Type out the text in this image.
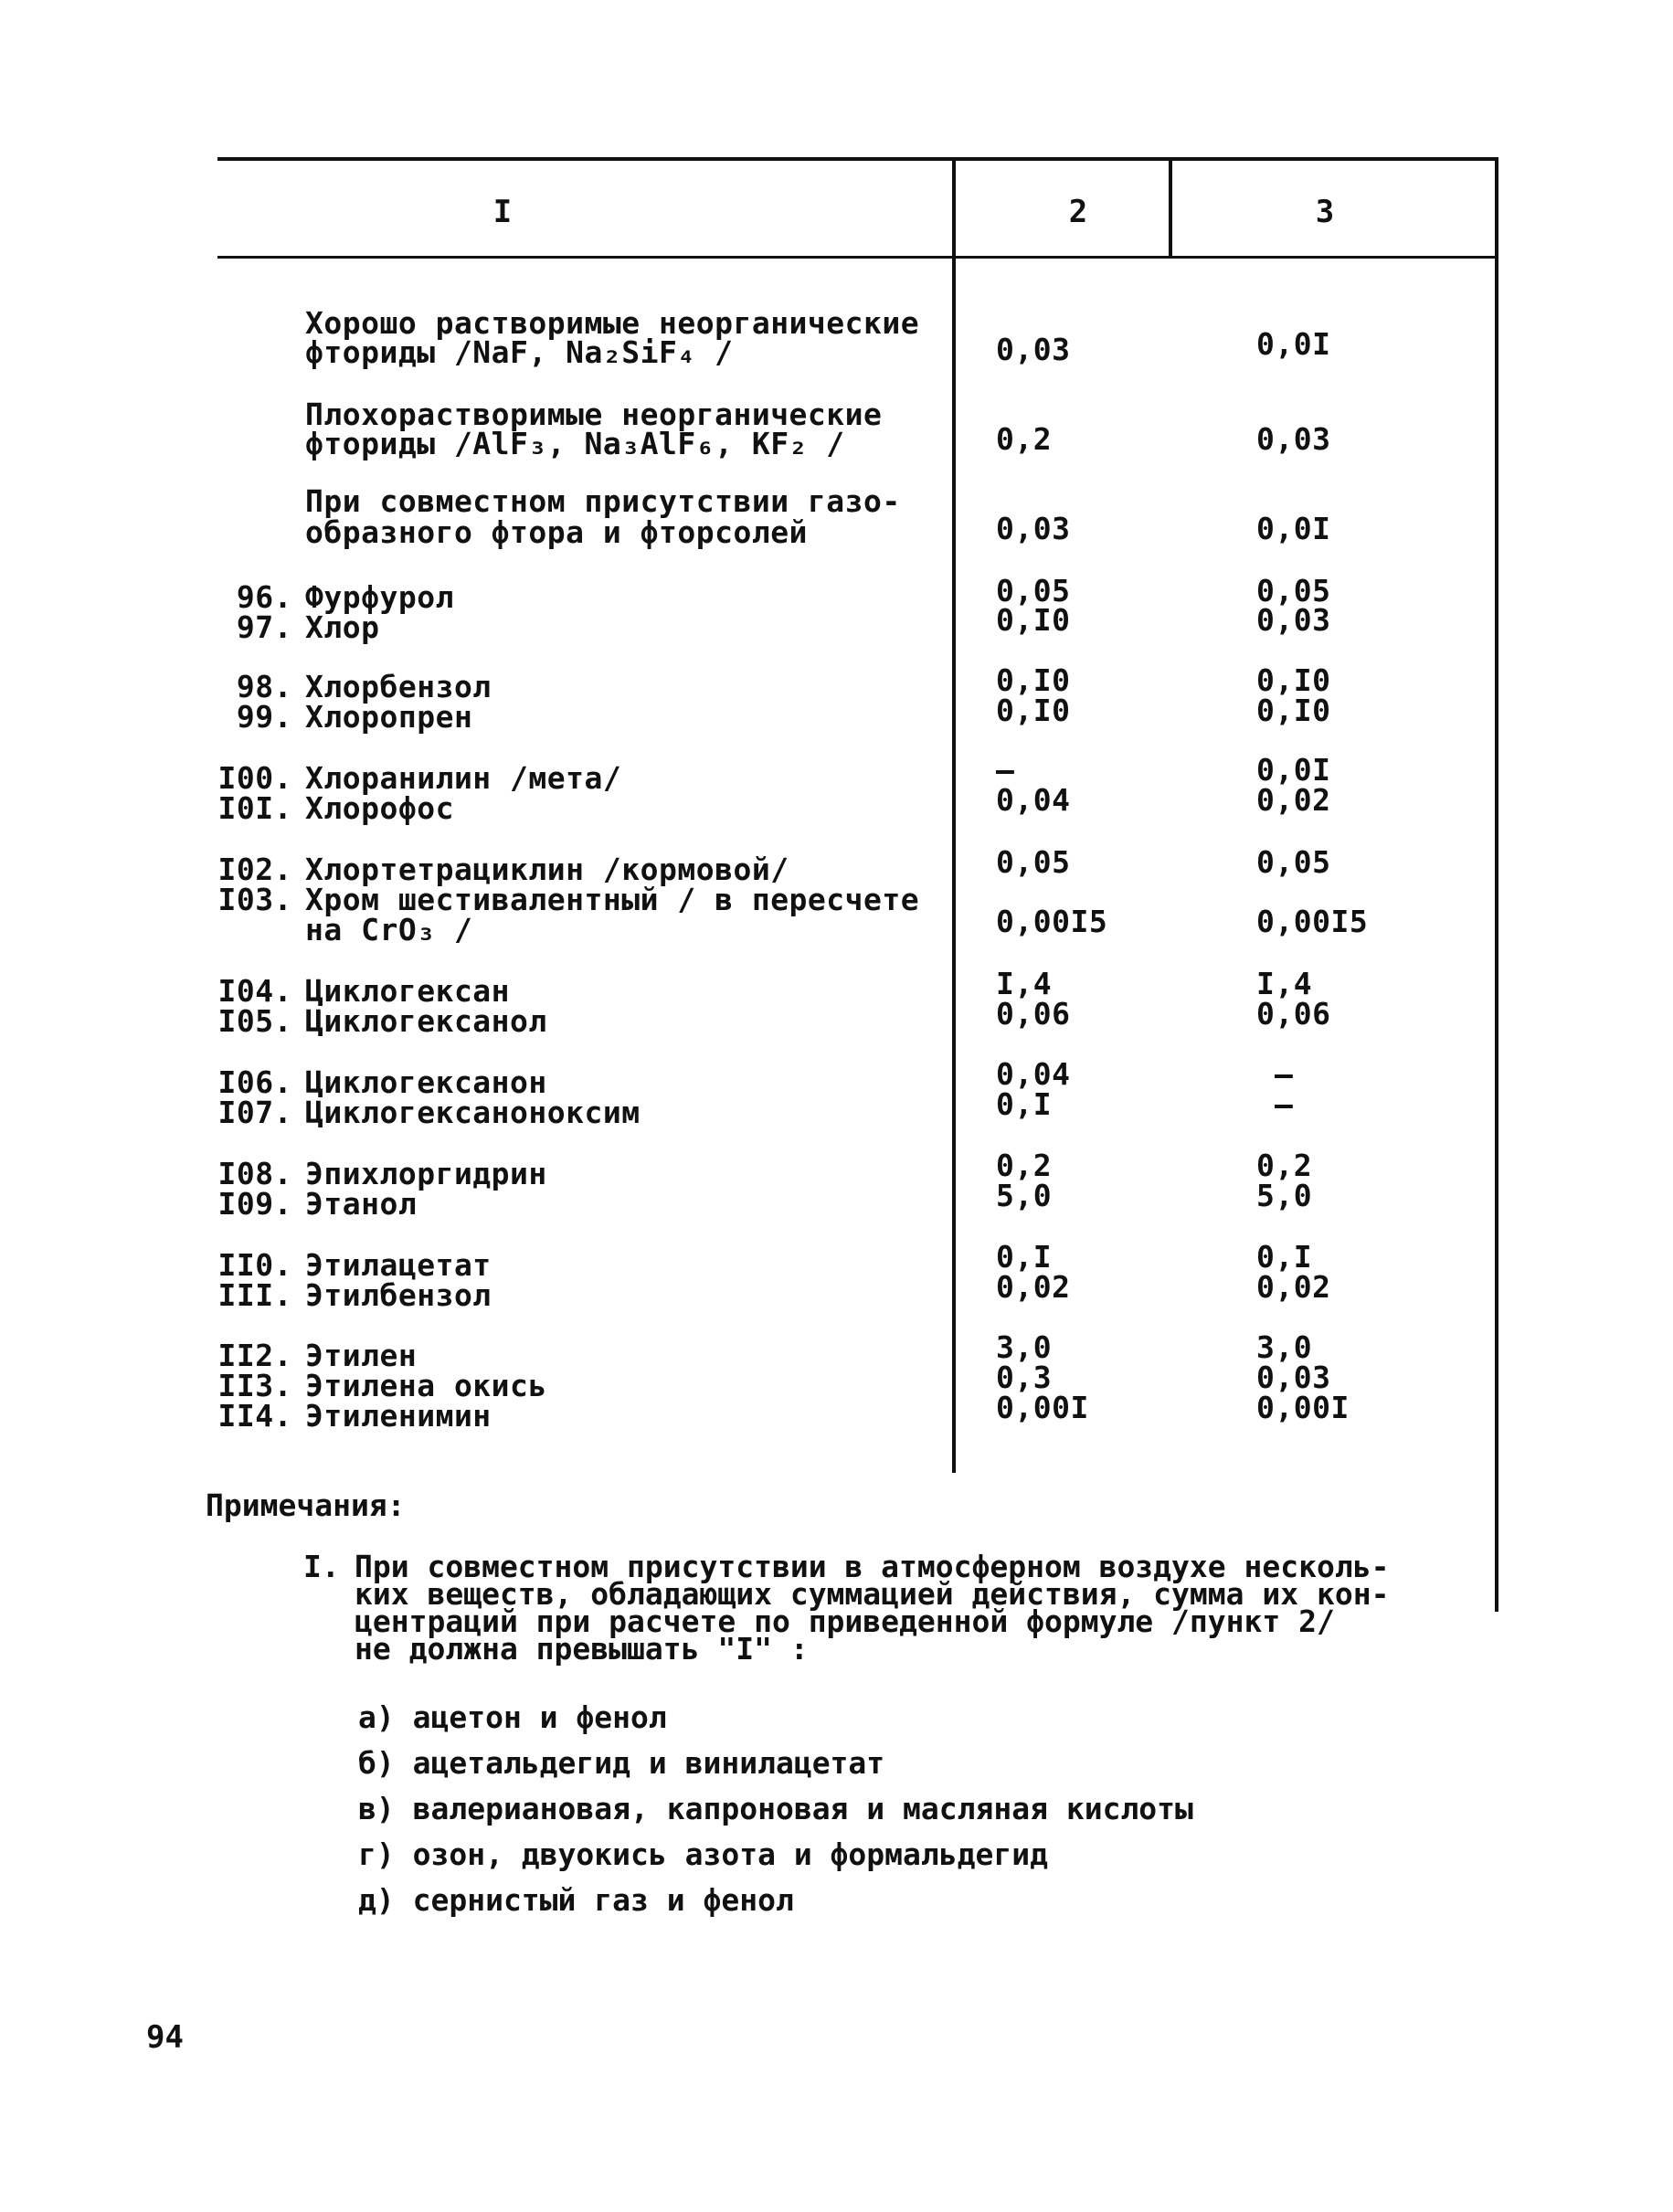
I	2	3
Хорошо растворимые неорганические
фториды /NaF, Na₂SiF₄ /	0,03	0,0I
Плохорастворимые неорганические
фториды /AlF₃, Na₃AlF₆, KF₂ /	0,2	0,03
При совместном присутствии газо-
образного фтора и фторсолей	0,03	0,0I
96. Фурфурол	0,05	0,05
97. Хлор	0,I0	0,03
98. Хлорбензол	0,I0	0,I0
99. Хлоропрен	0,I0	0,I0
I00. Хлоранилин /мета/	–	0,0I
I0I. Хлорофос	0,04	0,02
I02. Хлортетрациклин /кормовой/	0,05	0,05
I03. Хром шестивалентный / в пересчете
на CrO₃ /	0,00I5	0,00I5
I04. Циклогексан	I,4	I,4
I05. Циклогексанол	0,06	0,06
I06. Циклогексанон	0,04	–
I07. Циклогексаноноксим	0,I	–
I08. Эпихлоргидрин	0,2	0,2
I09. Этанол	5,0	5,0
II0. Этилацетат	0,I	0,I
III. Этилбензол	0,02	0,02
II2. Этилен	3,0	3,0
II3. Этилена окись	0,3	0,03
II4. Этиленимин	0,00I	0,00I
Примечания:
I. При совместном присутствии в атмосферном воздухе несколь-
ких веществ, обладающих суммацией действия, сумма их кон-
центраций при расчете по приведенной формуле /пункт 2/
не должна превышать "I" :
а) ацетон и фенол
б) ацетальдегид и винилацетат
в) валериановая, капроновая и масляная кислоты
г) озон, двуокись азота и формальдегид
д) сернистый газ и фенол
94
